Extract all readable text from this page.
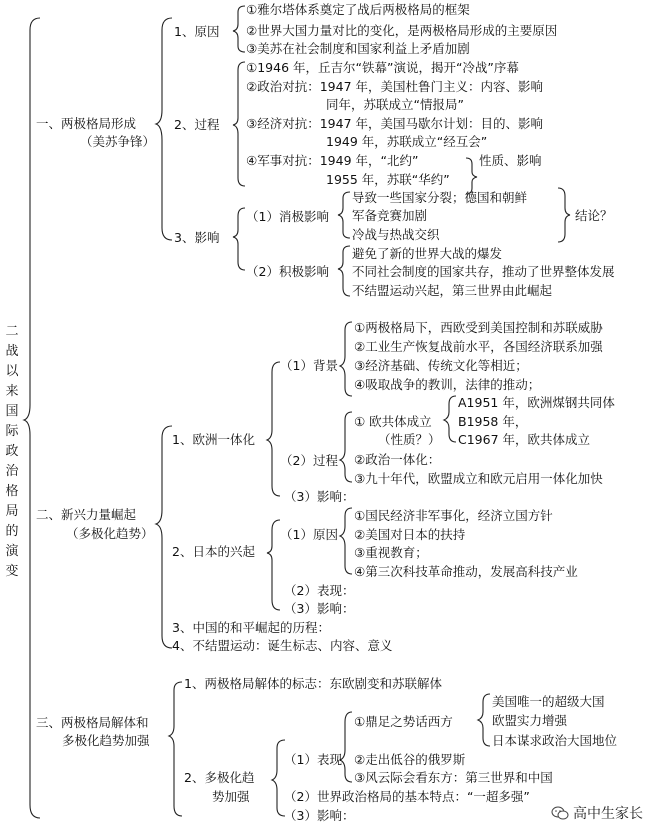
二战以来国际政治格局的演变
一、两极格局形成
（美苏争锋）
1、原因
①雅尔塔体系奠定了战后两极格局的框架
②世界大国力量对比的变化，是两极格局形成的主要原因
③美苏在社会制度和国家利益上矛盾加剧
2、过程
①1946 年，丘吉尔“铁幕”演说，揭开“冷战”序幕
②政治对抗：1947 年，美国杜鲁门主义：内容、影响
同年，苏联成立“情报局”
③经济对抗：1947 年，美国马歇尔计划：目的、影响
1949 年，苏联成立“经互会”
④军事对抗：1949 年，“北约”
1955 年，苏联“华约”
性质、影响
3、影响
（1）消极影响
导致一些国家分裂；德国和朝鲜
军备竞赛加剧
冷战与热战交织
结论？
（2）积极影响
避免了新的世界大战的爆发
不同社会制度的国家共存，推动了世界整体发展
不结盟运动兴起，第三世界由此崛起
二、新兴力量崛起
（多极化趋势）
1、欧洲一体化
（1）背景
①两极格局下，西欧受到美国控制和苏联威胁
②工业生产恢复战前水平，各国经济联系加强
③经济基础、传统文化等相近；
④吸取战争的教训，法律的推动；
（2）过程
① 欧共体成立
（性质？）
A1951 年，欧洲煤钢共同体
B1958 年，
C1967 年，欧共体成立
②政治一体化：
③九十年代，欧盟成立和欧元启用一体化加快
（3）影响：
2、日本的兴起
（1）原因
①国民经济非军事化，经济立国方针
②美国对日本的扶持
③重视教育；
④第三次科技革命推动，发展高科技产业
（2）表现：
（3）影响：
3、中国的和平崛起的历程：
4、不结盟运动：诞生标志、内容、意义
三、两极格局解体和
多极化趋势加强
1、两极格局解体的标志：东欧剧变和苏联解体
2、多极化趋
势加强
（1）表现
①鼎足之势话西方
美国唯一的超级大国
欧盟实力增强
日本谋求政治大国地位
②走出低谷的俄罗斯
③风云际会看东方：第三世界和中国
（2）世界政治格局的基本特点：“一超多强”
（3）影响：	高中生家长
